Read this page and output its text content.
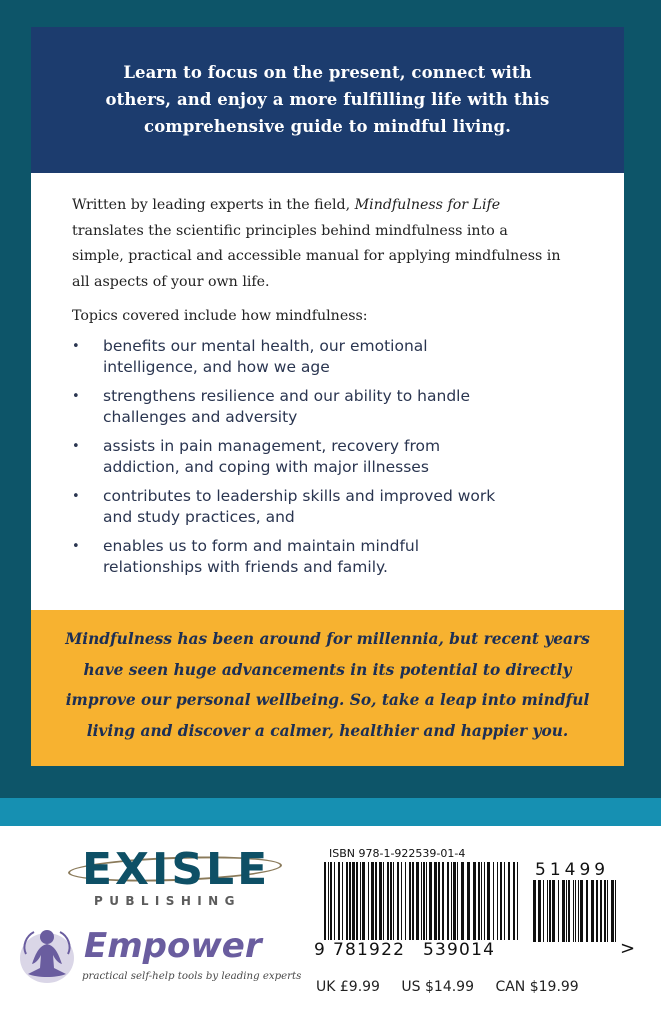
Learn to focus on the present, connect with
others, and enjoy a more fulfilling life with this
comprehensive guide to mindful living.

Written by leading experts in the field, Mindfulness for Life
translates the scientific principles behind mindfulness into a
simple, practical and accessible manual for applying mindfulness in
all aspects of your own life.

Topics covered include how mindfulness:

• benefits our mental health, our emotional
intelligence, and how we age
• strengthens resilience and our ability to handle
challenges and adversity
• assists in pain management, recovery from
addiction, and coping with major illnesses
• contributes to leadership skills and improved work
and study practices, and
• enables us to form and maintain mindful
relationships with friends and family.
Mindfulness has been around for millennia, but recent years
have seen huge advancements in its potential to directly
improve our personal wellbeing. So, take a leap into mindful
living and discover a calmer, healthier and happier you.
EXISLE
PUBLISHING
Empower
practical self-help tools by leading experts
ISBN 978-1-922539-01-4
51499
9 781922 539014	>
UK £9.99 US $14.99 CAN $19.99
